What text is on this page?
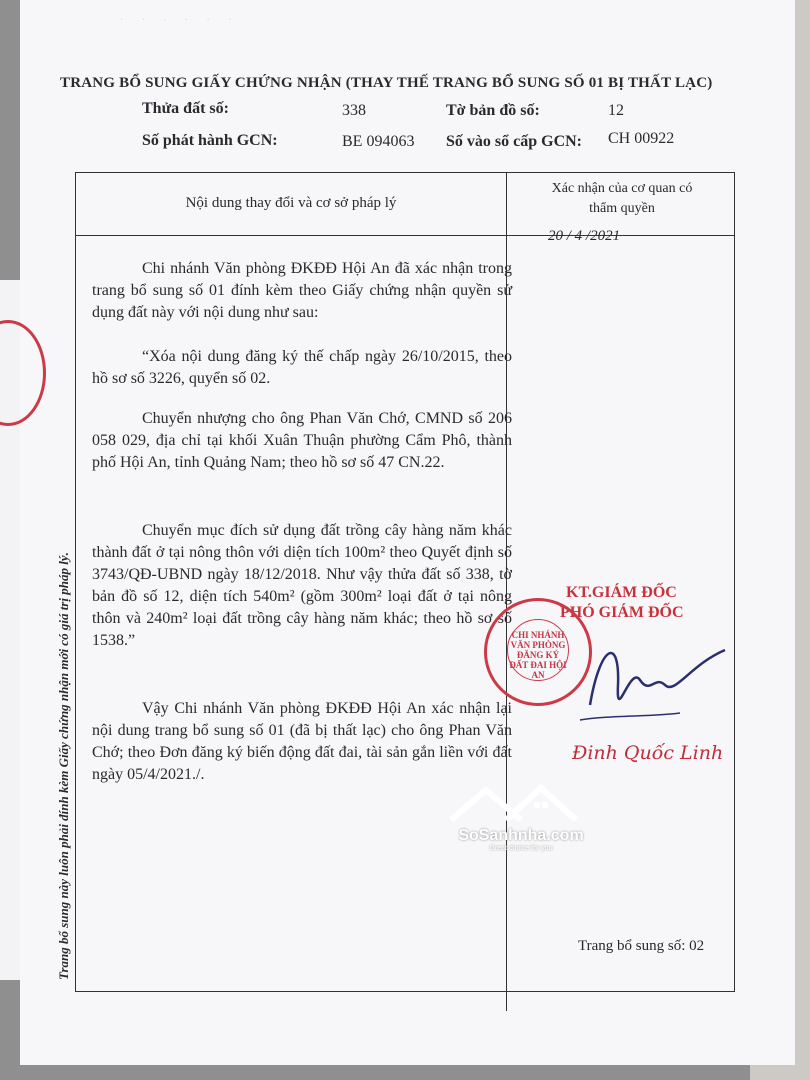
· · ∙ · · ·
TRANG BỔ SUNG GIẤY CHỨNG NHẬN (THAY THẾ TRANG BỔ SUNG SỐ 01 BỊ THẤT LẠC)
Thửa đất số:	338	Tờ bản đồ số:	12
Số phát hành GCN:	BE 094063 Số vào sổ cấp GCN: CH 00922
Nội dung thay đổi và cơ sở pháp lý
Xác nhận của cơ quan có
thẩm quyền
20 / 4 /2021
Chi nhánh Văn phòng ĐKĐĐ Hội An đã xác nhận trong trang bổ sung số 01 đính kèm theo Giấy chứng nhận quyền sử dụng đất này với nội dung như sau:
“Xóa nội dung đăng ký thế chấp ngày 26/10/2015, theo hồ sơ số 3226, quyển số 02.
Chuyển nhượng cho ông Phan Văn Chớ, CMND số 206 058 029, địa chỉ tại khối Xuân Thuận phường Cẩm Phô, thành phố Hội An, tỉnh Quảng Nam; theo hồ sơ số 47 CN.22.
Chuyển mục đích sử dụng đất trồng cây hàng năm khác thành đất ở tại nông thôn với diện tích 100m² theo Quyết định số 3743/QĐ-UBND ngày 18/12/2018. Như vậy thửa đất số 338, tờ bản đồ số 12, diện tích 540m² (gồm 300m² loại đất ở tại nông thôn và 240m² loại đất trồng cây hàng năm khác; theo hồ sơ số 1538.”
Vậy Chi nhánh Văn phòng ĐKĐĐ Hội An xác nhận lại nội dung trang bổ sung số 01 (đã bị thất lạc) cho ông Phan Văn Chớ; theo Đơn đăng ký biến động đất đai, tài sản gắn liền với đất ngày 05/4/2021./.
Trang bổ sung này luôn phải đính kèm Giấy chứng nhận mới có giá trị pháp lý.	KT.GIÁM ĐỐC
PHÓ GIÁM ĐỐC
CHI NHÁNH VĂN PHÒNG ĐĂNG KÝ ĐẤT ĐAI HỘI AN
Đinh Quốc Linh
SoSanhnha.com
Great choice for you
Trang bổ sung số: 02
